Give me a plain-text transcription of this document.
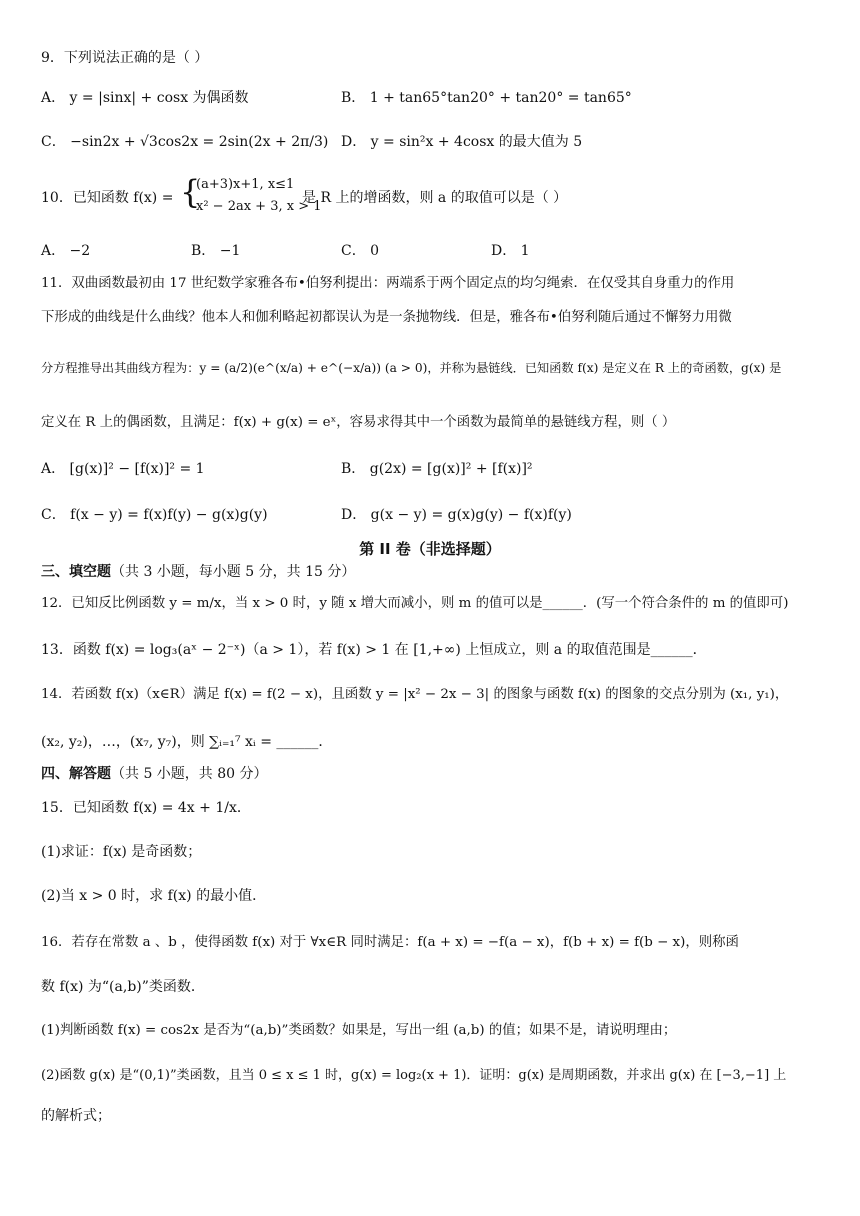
9．下列说法正确的是（ ）
A． y = |sinx| + cosx 为偶函数	B． 1 + tan65°tan20° + tan20° = tan65°
C． −sin2x + √3cos2x = 2sin(2x + 2π/3) D． y = sin²x + 4cosx 的最大值为 5
10．已知函数 f(x) = {
(a+3)x+1, x≤1
x² − 2ax + 3, x > 1
是 R 上的增函数，则 a 的取值可以是（ ）
A． −2	B． −1	C． 0	D． 1
11．双曲函数最初由 17 世纪数学家雅各布•伯努利提出：两端系于两个固定点的均匀绳索．在仅受其自身重力的作用
下形成的曲线是什么曲线？他本人和伽利略起初都误认为是一条抛物线．但是，雅各布•伯努利随后通过不懈努力用微
分方程推导出其曲线方程为：y = (a/2)(e^(x/a) + e^(−x/a)) (a > 0)，并称为悬链线．已知函数 f(x) 是定义在 R 上的奇函数，g(x) 是
定义在 R 上的偶函数，且满足：f(x) + g(x) = eˣ，容易求得其中一个函数为最简单的悬链线方程，则（ ）
A． [g(x)]² − [f(x)]² = 1	B． g(2x) = [g(x)]² + [f(x)]²
C． f(x − y) = f(x)f(y) − g(x)g(y)	D． g(x − y) = g(x)g(y) − f(x)f(y)
第 II 卷（非选择题）
三、填空题（共 3 小题，每小题 5 分，共 15 分）
12．已知反比例函数 y = m/x，当 x > 0 时，y 随 x 增大而减小，则 m 的值可以是______．(写一个符合条件的 m 的值即可)
13．函数 f(x) = log₃(aˣ − 2⁻ˣ)（a > 1），若 f(x) > 1 在 [1,+∞) 上恒成立，则 a 的取值范围是______．
14．若函数 f(x)（x∈R）满足 f(x) = f(2 − x)，且函数 y = |x² − 2x − 3| 的图象与函数 f(x) 的图象的交点分别为 (x₁, y₁)，
(x₂, y₂)，…，(x₇, y₇)，则 ∑ᵢ₌₁⁷ xᵢ = ______．
四、解答题（共 5 小题，共 80 分）
15．已知函数 f(x) = 4x + 1/x．
(1)求证：f(x) 是奇函数；
(2)当 x > 0 时，求 f(x) 的最小值．
16．若存在常数 a 、b ，使得函数 f(x) 对于 ∀x∈R 同时满足：f(a + x) = −f(a − x)，f(b + x) = f(b − x)，则称函
数 f(x) 为“(a,b)”类函数．
(1)判断函数 f(x) = cos2x 是否为“(a,b)”类函数？如果是，写出一组 (a,b) 的值；如果不是，请说明理由；
(2)函数 g(x) 是“(0,1)”类函数，且当 0 ≤ x ≤ 1 时，g(x) = log₂(x + 1)．证明：g(x) 是周期函数，并求出 g(x) 在 [−3,−1] 上
的解析式；
